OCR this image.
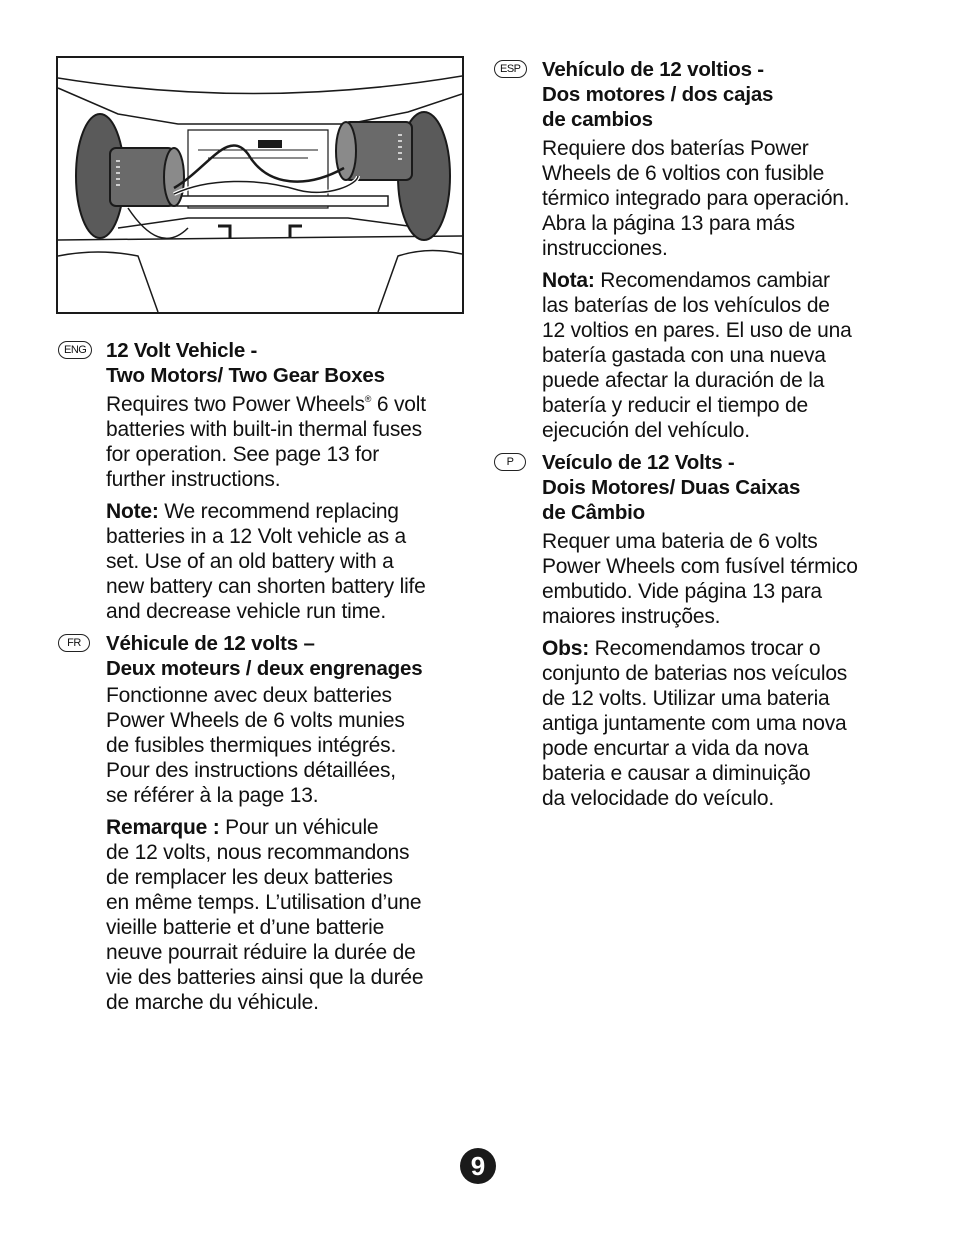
ENG 12 Volt Vehicle -
Two Motors/ Two Gear Boxes

Requires two Power Wheels® 6 volt
batteries with built-in thermal fuses
for operation. See page 13 for
further instructions.

Note: We recommend replacing
batteries in a 12 Volt vehicle as a
set. Use of an old battery with a
new battery can shorten battery life
and decrease vehicle run time.

FR	Véhicule de 12 volts –
Deux moteurs / deux engrenages

Fonctionne avec deux batteries
Power Wheels de 6 volts munies
de fusibles thermiques intégrés.
Pour des instructions détaillées,
se référer à la page 13.

Remarque : Pour un véhicule
de 12 volts, nous recommandons
de remplacer les deux batteries
en même temps. L’utilisation d’une
vieille batterie et d’une batterie
neuve pourrait réduire la durée de
vie des batteries ainsi que la durée
de marche du véhicule.

ESP Vehículo de 12 voltios -
Dos motores / dos cajas
de cambios

Requiere dos baterías Power
Wheels de 6 voltios con fusible
térmico integrado para operación.
Abra la página 13 para más
instrucciones.

Nota: Recomendamos cambiar
las baterías de los vehículos de
12 voltios en pares. El uso de una
batería gastada con una nueva
puede afectar la duración de la
batería y reducir el tiempo de
ejecución del vehículo.

P	Veículo de 12 Volts -
Dois Motores/ Duas Caixas
de Câmbio

Requer uma bateria de 6 volts
Power Wheels com fusível térmico
embutido. Vide página 13 para
maiores instruções.

Obs: Recomendamos trocar o
conjunto de baterias nos veículos
de 12 volts. Utilizar uma bateria
antiga juntamente com uma nova
pode encurtar a vida da nova
bateria e causar a diminuição
da velocidade do veículo.

9
